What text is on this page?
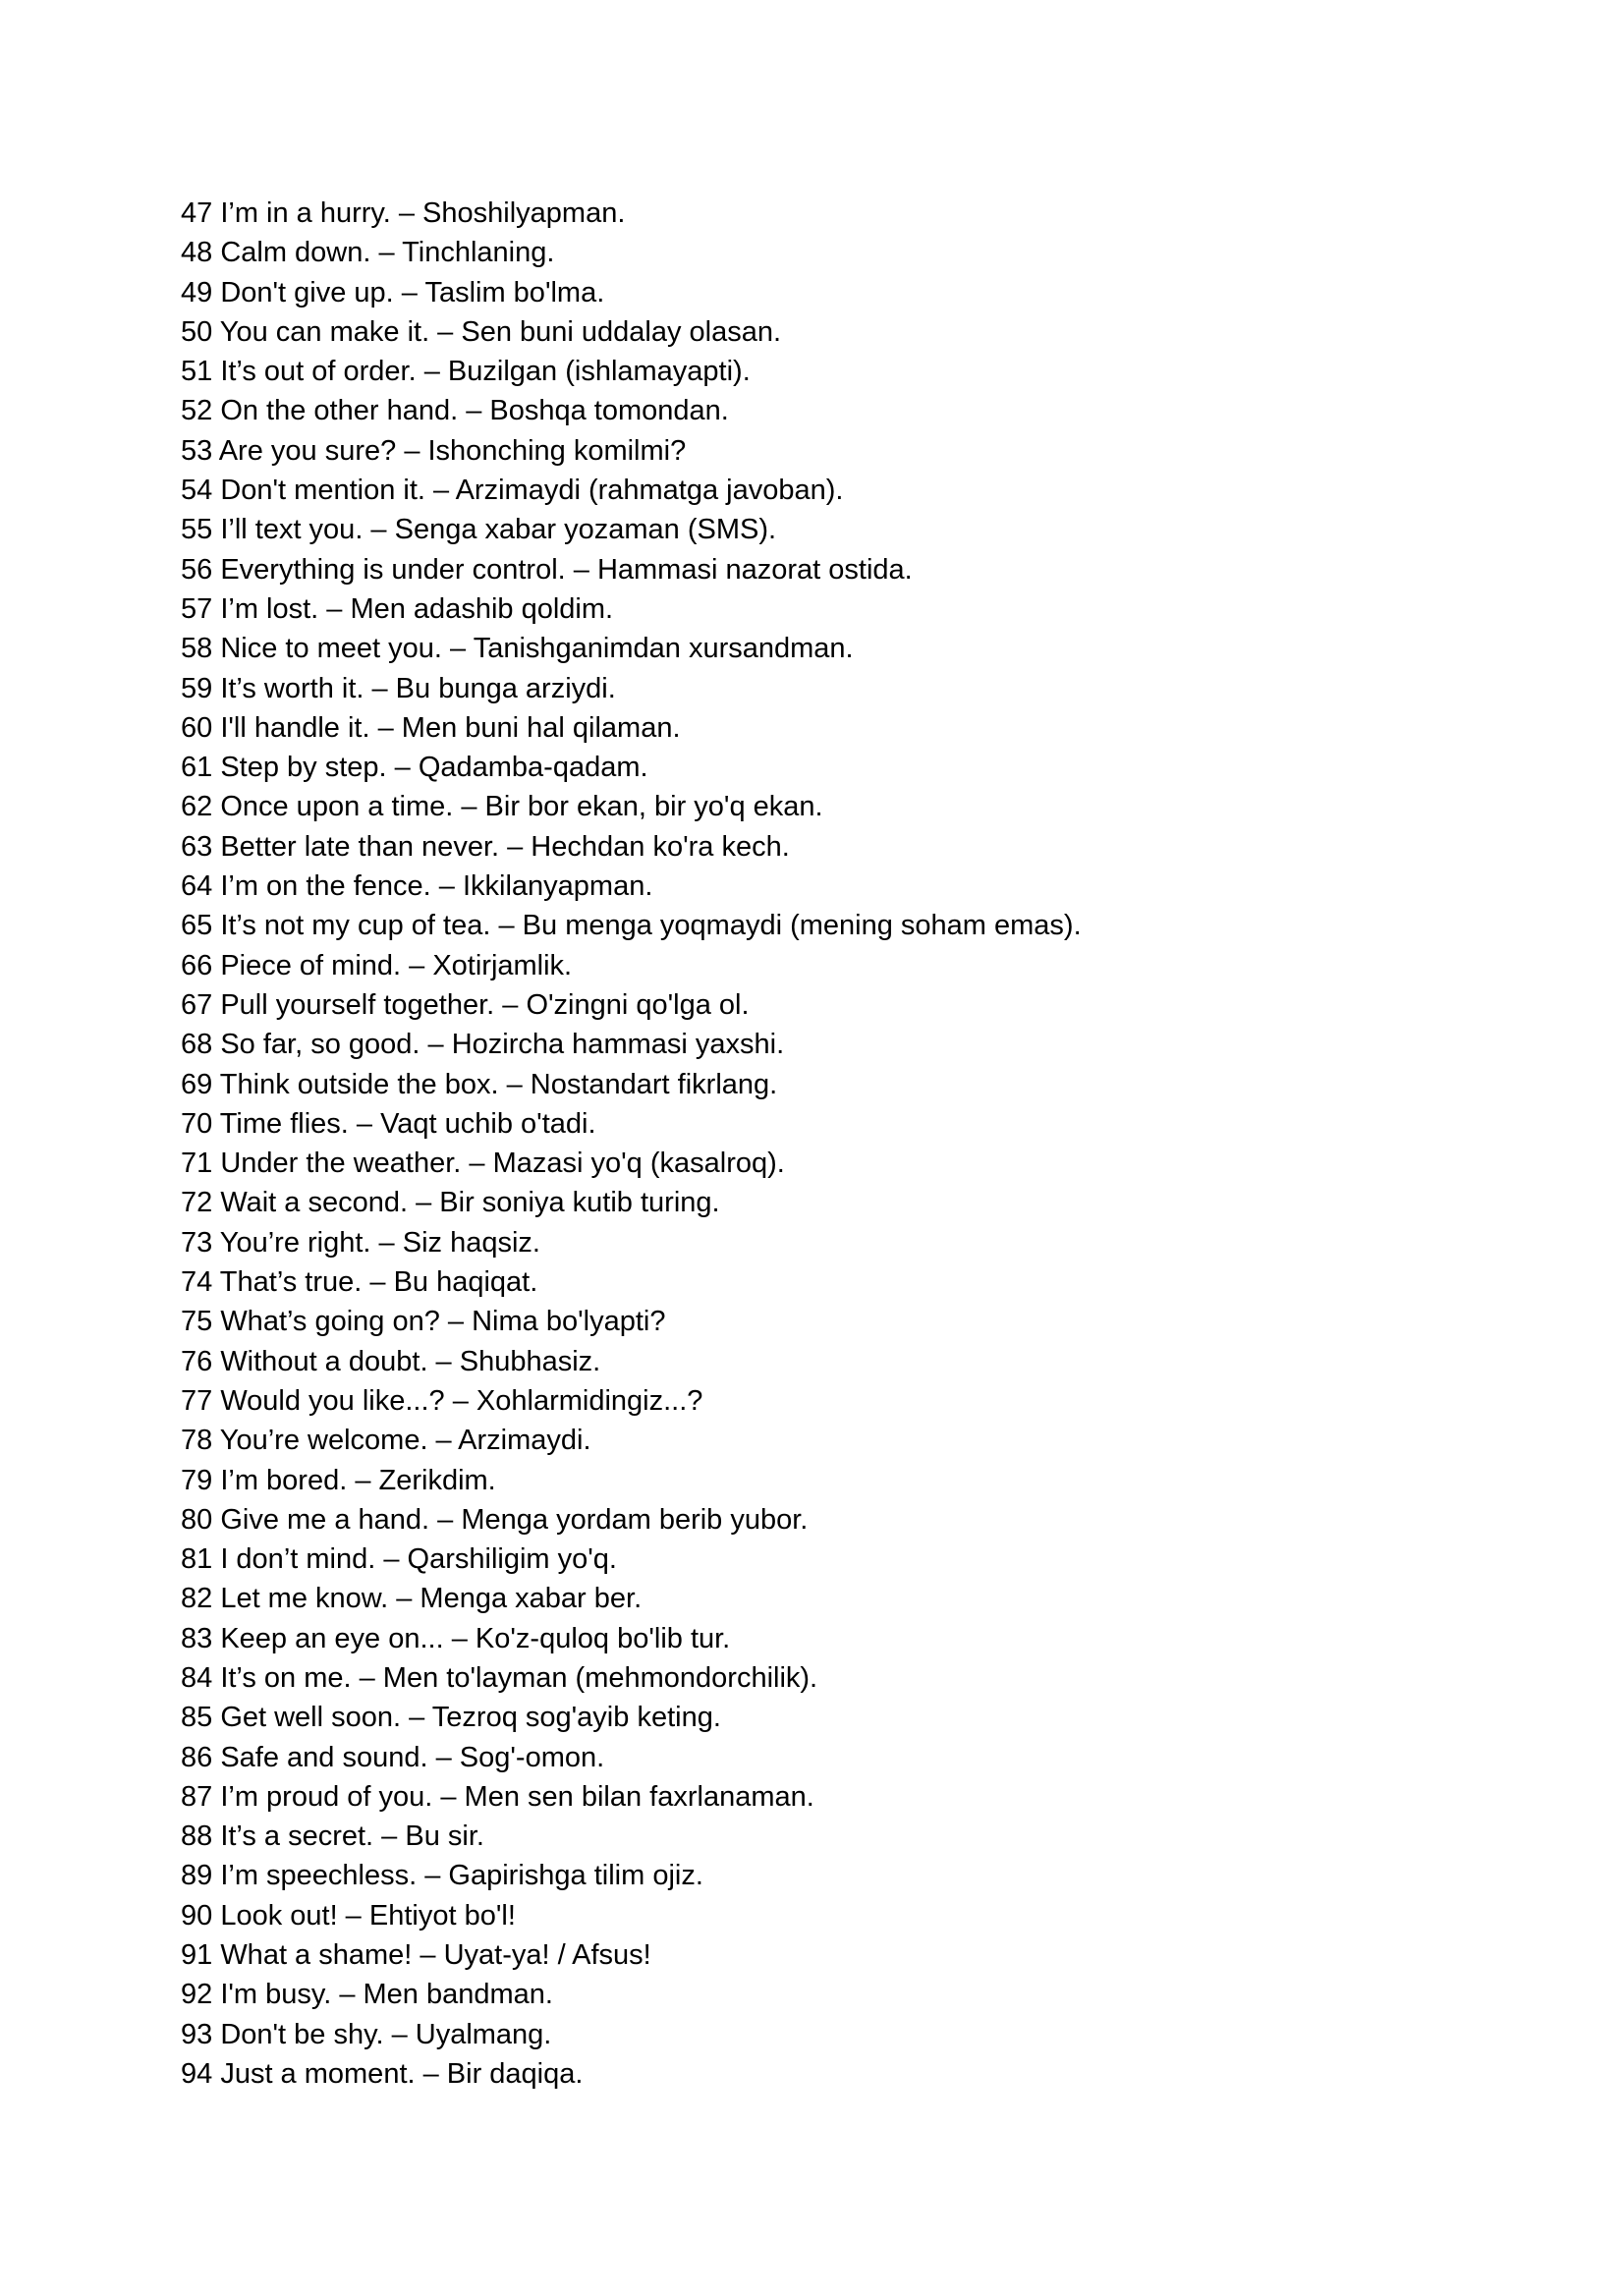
47 I’m in a hurry. – Shoshilyapman.
48 Calm down. – Tinchlaning.
49 Don't give up. – Taslim bo'lma.
50 You can make it. – Sen buni uddalay olasan.
51 It’s out of order. – Buzilgan (ishlamayapti).
52 On the other hand. – Boshqa tomondan.
53 Are you sure? – Ishonching komilmi?
54 Don't mention it. – Arzimaydi (rahmatga javoban).
55 I’ll text you. – Senga xabar yozaman (SMS).
56 Everything is under control. – Hammasi nazorat ostida.
57 I’m lost. – Men adashib qoldim.
58 Nice to meet you. – Tanishganimdan xursandman.
59 It’s worth it. – Bu bunga arziydi.
60 I'll handle it. – Men buni hal qilaman.
61 Step by step. – Qadamba-qadam.
62 Once upon a time. – Bir bor ekan, bir yo'q ekan.
63 Better late than never. – Hechdan ko'ra kech.
64 I’m on the fence. – Ikkilanyapman.
65 It’s not my cup of tea. – Bu menga yoqmaydi (mening soham emas).
66 Piece of mind. – Xotirjamlik.
67 Pull yourself together. – O'zingni qo'lga ol.
68 So far, so good. – Hozircha hammasi yaxshi.
69 Think outside the box. – Nostandart fikrlang.
70 Time flies. – Vaqt uchib o'tadi.
71 Under the weather. – Mazasi yo'q (kasalroq).
72 Wait a second. – Bir soniya kutib turing.
73 You’re right. – Siz haqsiz.
74 That’s true. – Bu haqiqat.
75 What’s going on? – Nima bo'lyapti?
76 Without a doubt. – Shubhasiz.
77 Would you like...? – Xohlarmidingiz...?
78 You’re welcome. – Arzimaydi.
79 I’m bored. – Zerikdim.
80 Give me a hand. – Menga yordam berib yubor.
81 I don’t mind. – Qarshiligim yo'q.
82 Let me know. – Menga xabar ber.
83 Keep an eye on... – Ko'z-quloq bo'lib tur.
84 It’s on me. – Men to'layman (mehmondorchilik).
85 Get well soon. – Tezroq sog'ayib keting.
86 Safe and sound. – Sog'-omon.
87 I’m proud of you. – Men sen bilan faxrlanaman.
88 It’s a secret. – Bu sir.
89 I’m speechless. – Gapirishga tilim ojiz.
90 Look out! – Ehtiyot bo'l!
91 What a shame! – Uyat-ya! / Afsus!
92 I'm busy. – Men bandman.
93 Don't be shy. – Uyalmang.
94 Just a moment. – Bir daqiqa.
